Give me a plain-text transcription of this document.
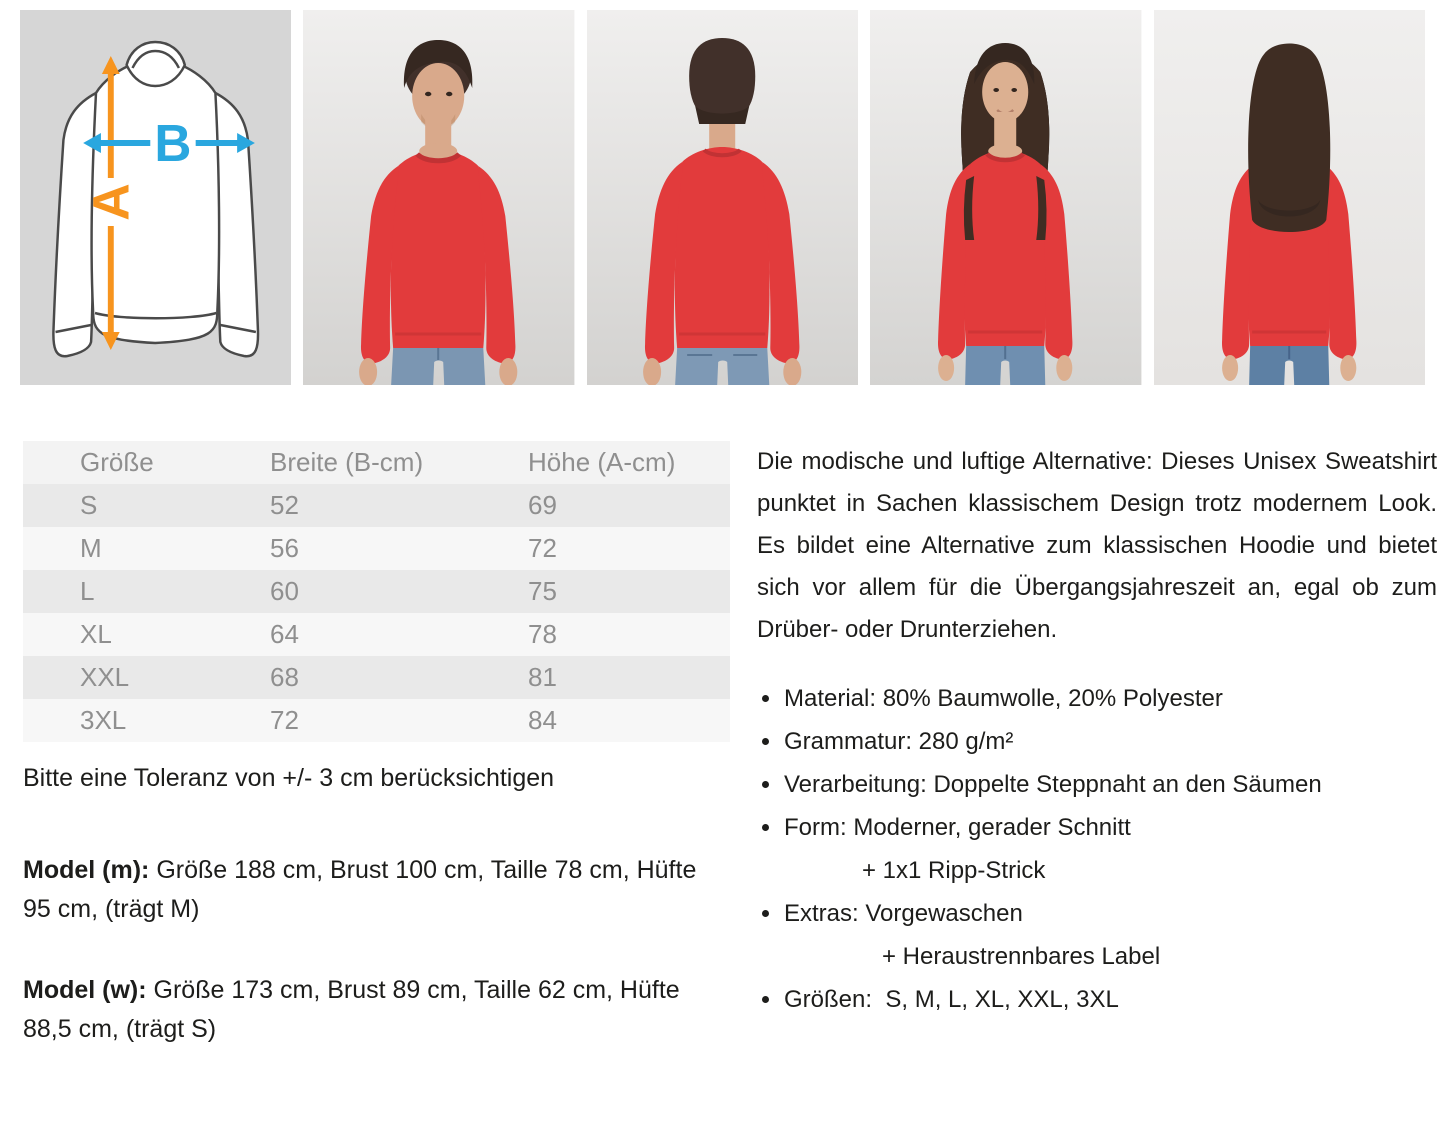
A
B
Größe	Breite (B-cm)	Höhe (A-cm)
S	52	69
M	56	72
L	60	75
XL	64	78
XXL	68	81
3XL	72	84
Bitte eine Toleranz von +/- 3 cm berücksichtigen
Model (m): Größe 188 cm, Brust 100 cm, Taille 78 cm, Hüfte 95 cm, (trägt M)
Model (w): Größe 173 cm, Brust 89 cm, Taille 62 cm, Hüfte 88,5 cm, (trägt S)
Die modische und luftige Alternative: Dieses Unisex Sweatshirt punktet in Sachen klassischem Design trotz modernem Look. Es bildet eine Alternative zum klassischen Hoodie und bietet sich vor allem für die Übergangsjahreszeit an, egal ob zum Drüber- oder Drunterziehen.
Material: 80% Baumwolle, 20% Polyester
Grammatur: 280 g/m²
Verarbeitung: Doppelte Steppnaht an den Säumen
Form: Moderner, gerader Schnitt
+ 1x1 Ripp-Strick
Extras: Vorgewaschen
+ Heraustrennbares Label
Größen:  S, M, L, XL, XXL, 3XL
